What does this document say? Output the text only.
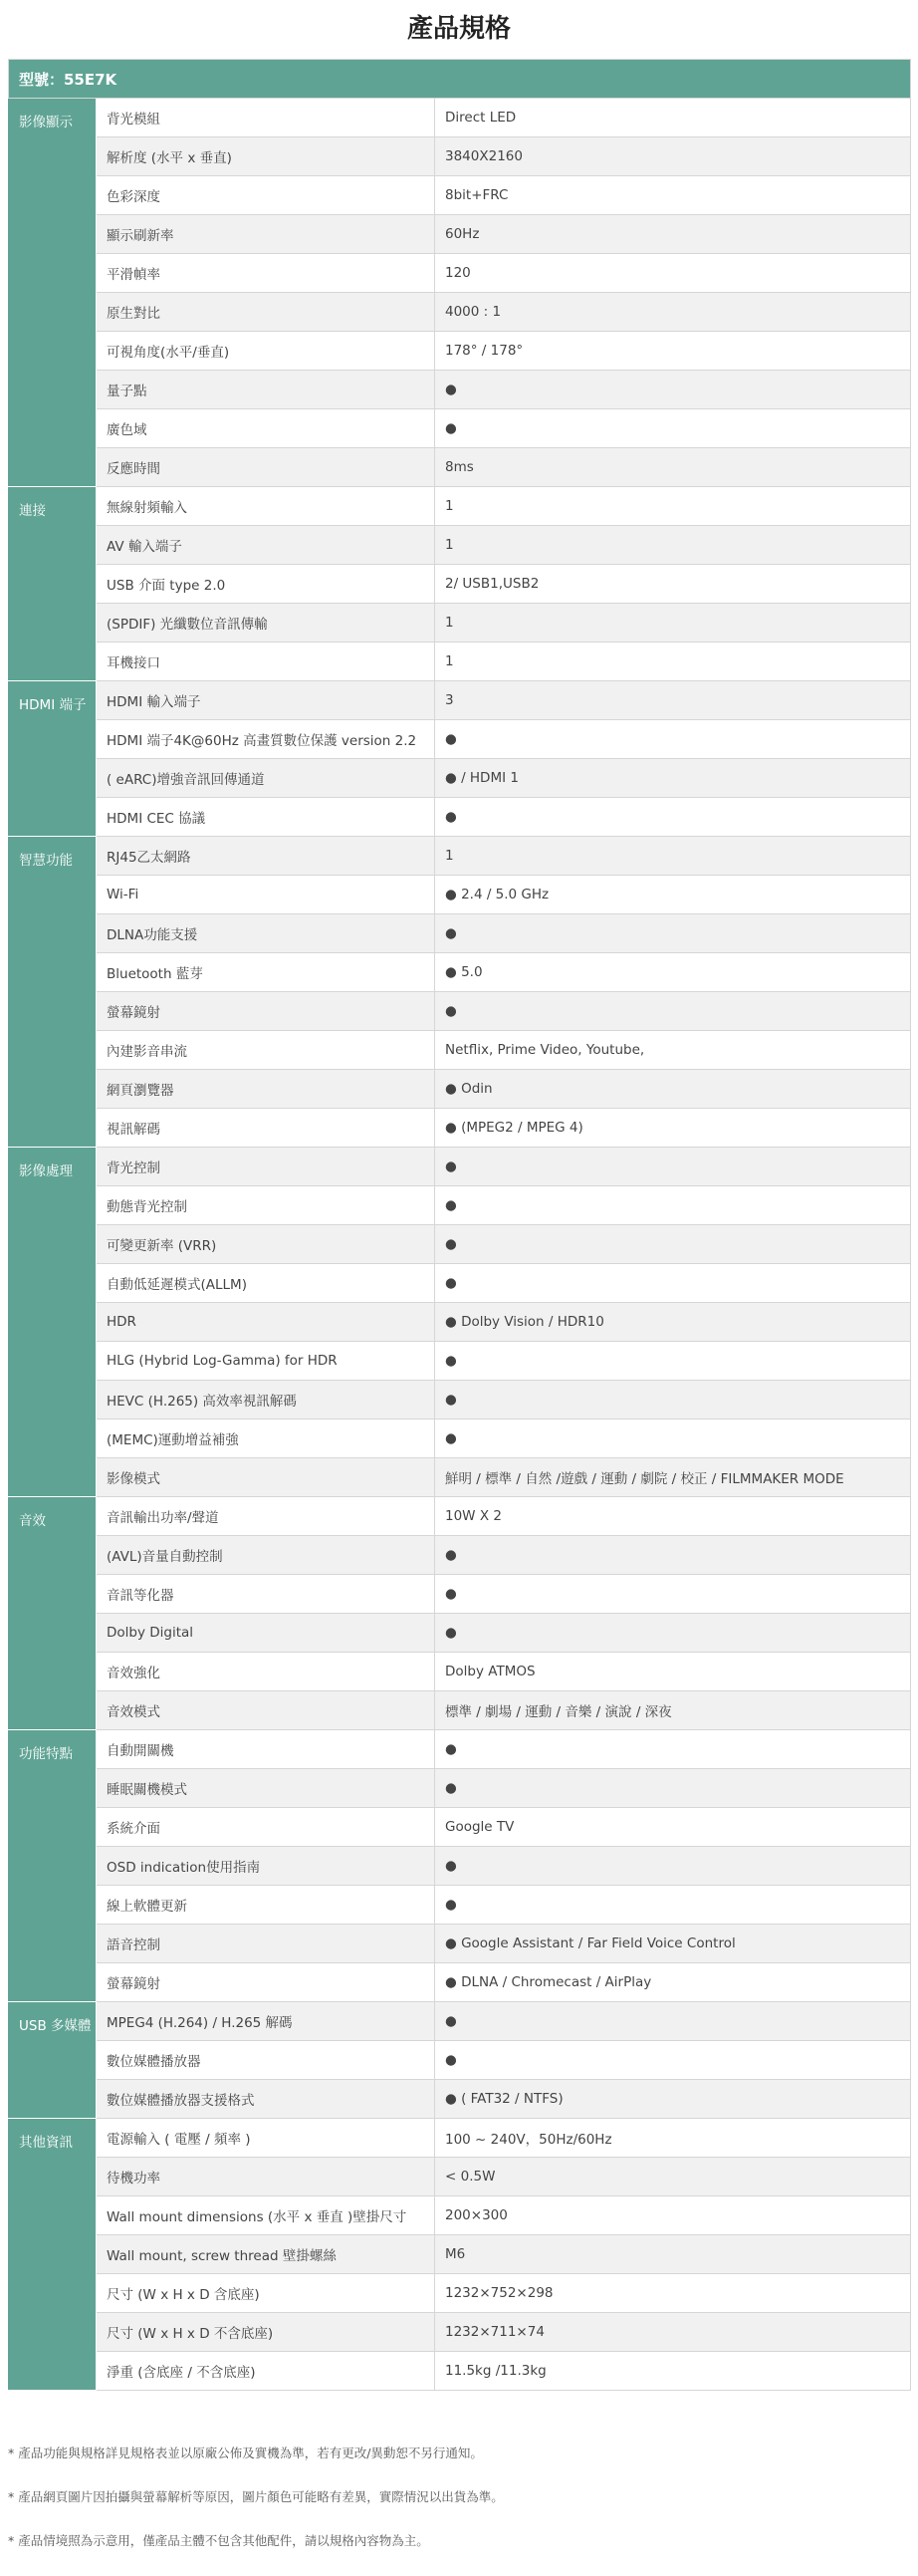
產品規格
型號：55E7K		
影像顯示	背光模組	Direct LED
	解析度 (水平 x 垂直)	3840X2160
	色彩深度	8bit+FRC
	顯示刷新率	60Hz
	平滑幀率	120
	原生對比	4000 : 1
	可視角度(水平/垂直)	178° / 178°
	量子點	●
	廣色域	●
	反應時間	8ms
連接	無線射頻輸入	1
	AV 輸入端子	1
	USB 介面 type 2.0	2/ USB1,USB2
	(SPDIF) 光纖數位音訊傳輸	1
	耳機接口	1
HDMI 端子	HDMI 輸入端子	3
	HDMI 端子4K@60Hz 高畫質數位保護 version 2.2	●
	( eARC)增強音訊回傳通道	● / HDMI 1
	HDMI CEC 協議	●
智慧功能	RJ45乙太網路	1
	Wi-Fi	● 2.4 / 5.0 GHz
	DLNA功能支援	●
	Bluetooth 藍芽	● 5.0
	螢幕鏡射	●
	內建影音串流	Netflix, Prime Video, Youtube,
	網頁瀏覽器	● Odin
	視訊解碼	● (MPEG2 / MPEG 4)
影像處理	背光控制	●
	動態背光控制	●
	可變更新率 (VRR)	●
	自動低延遲模式(ALLM)	●
	HDR	● Dolby Vision / HDR10
	HLG (Hybrid Log-Gamma) for HDR	●
	HEVC (H.265) 高效率視訊解碼	●
	(MEMC)運動增益補強	●
	影像模式	鮮明 / 標準 / 自然 /遊戲 / 運動 / 劇院 / 校正 / FILMMAKER MODE
音效	音訊輸出功率/聲道	10W X 2
	(AVL)音量自動控制	●
	音訊等化器	●
	Dolby Digital	●
	音效強化	Dolby ATMOS
	音效模式	標準 / 劇場 / 運動 / 音樂 / 演說 / 深夜
功能特點	自動開關機	●
	睡眠關機模式	●
	系統介面	Google TV
	OSD indication使用指南	●
	線上軟體更新	●
	語音控制	● Google Assistant / Far Field Voice Control
	螢幕鏡射	● DLNA / Chromecast / AirPlay
USB 多媒體	MPEG4 (H.264) / H.265 解碼	●
	數位媒體播放器	●
	數位媒體播放器支援格式	● ( FAT32 / NTFS)
其他資訊	電源輸入 ( 電壓 / 頻率 )	100 ~ 240V，50Hz/60Hz
	待機功率	< 0.5W
	Wall mount dimensions (水平 x 垂直 )壁掛尺寸	200×300
	Wall mount, screw thread 壁掛螺絲	M6
	尺寸 (W x H x D 含底座)	1232×752×298
	尺寸 (W x H x D 不含底座)	1232×711×74
	淨重 (含底座 / 不含底座)	11.5kg /11.3kg
* 產品功能與規格詳見規格表並以原廠公佈及實機為準，若有更改/異動恕不另行通知。
* 產品網頁圖片因拍攝與螢幕解析等原因，圖片顏色可能略有差異，實際情況以出貨為準。
* 產品情境照為示意用，僅產品主體不包含其他配件，請以規格內容物為主。
